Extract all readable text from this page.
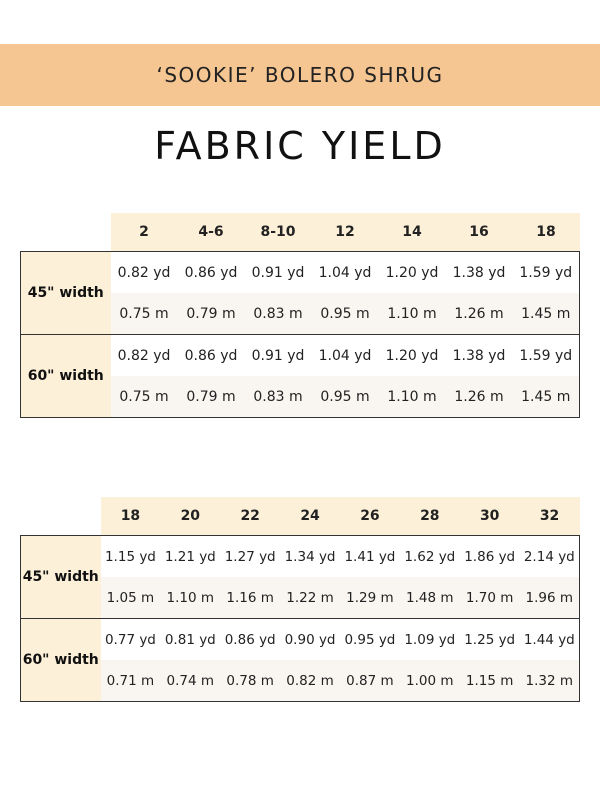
‘SOOKIE’ BOLERO SHRUG
FABRIC YIELD
	2	4-6	8-10	12	14	16	18
45" width	0.82 yd	0.86 yd	0.91 yd	1.04 yd	1.20 yd	1.38 yd	1.59 yd
	0.75 m	0.79 m	0.83 m	0.95 m	1.10 m	1.26 m	1.45 m
60" width	0.82 yd	0.86 yd	0.91 yd	1.04 yd	1.20 yd	1.38 yd	1.59 yd
	0.75 m	0.79 m	0.83 m	0.95 m	1.10 m	1.26 m	1.45 m
	18	20	22	24	26	28	30	32
45" width	1.15 yd	1.21 yd	1.27 yd	1.34 yd	1.41 yd	1.62 yd	1.86 yd	2.14 yd
	1.05 m	1.10 m	1.16 m	1.22 m	1.29 m	1.48 m	1.70 m	1.96 m
60" width	0.77 yd	0.81 yd	0.86 yd	0.90 yd	0.95 yd	1.09 yd	1.25 yd	1.44 yd
	0.71 m	0.74 m	0.78 m	0.82 m	0.87 m	1.00 m	1.15 m	1.32 m
